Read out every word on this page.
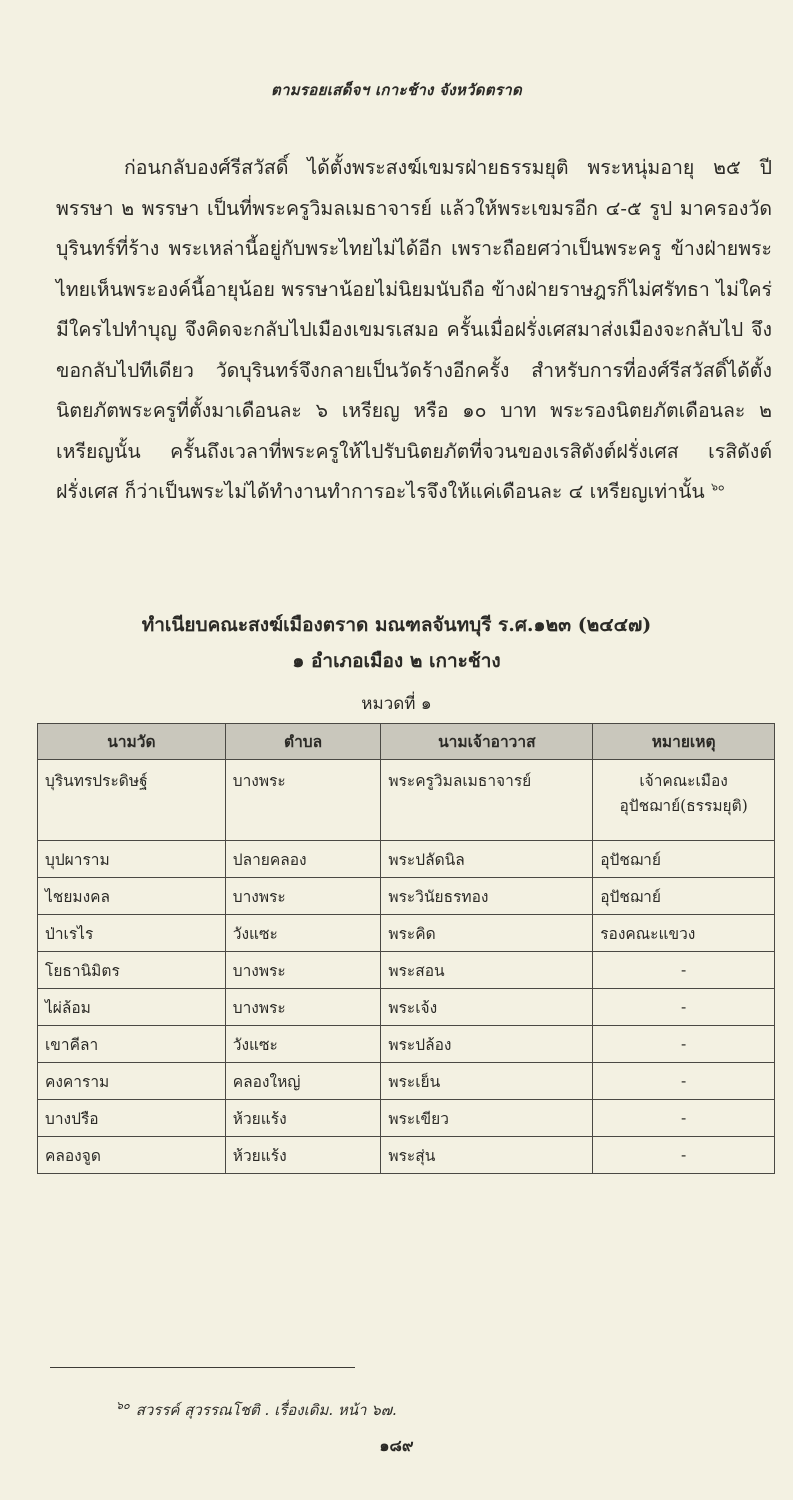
ตามรอยเสด็จฯ เกาะช้าง จังหวัดตราด
ก่อนกลับองศ์รีสวัสดิ์ ได้ตั้งพระสงฆ์เขมรฝ่ายธรรมยุติ พระหนุ่มอายุ ๒๕ ปี พรรษา ๒ พรรษา เป็นที่พระครูวิมลเมธาจารย์ แล้วให้พระเขมรอีก ๔-๕ รูป มาครองวัดบุรินทร์ที่ร้าง พระเหล่านี้อยู่กับพระไทยไม่ได้อีก เพราะถือยศว่าเป็นพระครู ข้างฝ่ายพระไทยเห็นพระองค์นี้อายุน้อย พรรษาน้อยไม่นิยมนับถือ ข้างฝ่ายราษฎรก็ไม่ศรัทธา ไม่ใคร่มีใครไปทำบุญ จึงคิดจะกลับไปเมืองเขมรเสมอ ครั้นเมื่อฝรั่งเศสมาส่งเมืองจะกลับไป จึงขอกลับไปทีเดียว วัดบุรินทร์จึงกลายเป็นวัดร้างอีกครั้ง สำหรับการที่องศ์รีสวัสดิ์ได้ตั้งนิตยภัตพระครูที่ตั้งมาเดือนละ ๖ เหรียญ หรือ ๑๐ บาท พระรองนิตยภัตเดือนละ ๒ เหรียญนั้น ครั้นถึงเวลาที่พระครูให้ไปรับนิตยภัตที่จวนของเรสิดังต์ฝรั่งเศส เรสิดังต์ฝรั่งเศส ก็ว่าเป็นพระไม่ได้ทำงานทำการอะไรจึงให้แค่เดือนละ ๔ เหรียญเท่านั้น $^{๖๐}$
ทำเนียบคณะสงฆ์เมืองตราด มณฑลจันทบุรี ร.ศ.๑๒๓ (๒๔๔๗)
๑ อำเภอเมือง ๒ เกาะช้าง
หมวดที่ ๑
นามวัด	ตำบล	นามเจ้าอาวาส	หมายเหตุ
บุรินทรประดิษฐ์	บางพระ	พระครูวิมลเมธาจารย์	เจ้าคณะเมือง อุปัชฌาย์(ธรรมยุติ)
บุปผาราม	ปลายคลอง	พระปลัดนิล	อุปัชฌาย์
ไชยมงคล	บางพระ	พระวินัยธรทอง	อุปัชฌาย์
ป่าเรไร	วังแซะ	พระคิด	รองคณะแขวง
โยธานิมิตร	บางพระ	พระสอน	-
ไผ่ล้อม	บางพระ	พระเจ้ง	-
เขาคีลา	วังแซะ	พระปล้อง	-
คงคาราม	คลองใหญ่	พระเย็น	-
บางปรือ	ห้วยแร้ง	พระเขียว	-
คลองจูด	ห้วยแร้ง	พระสุ่น	-
$^{๖๐}$ สวรรค์ สุวรรณโชติ . เรื่องเดิม. หน้า ๖๗.
๑๘๙
